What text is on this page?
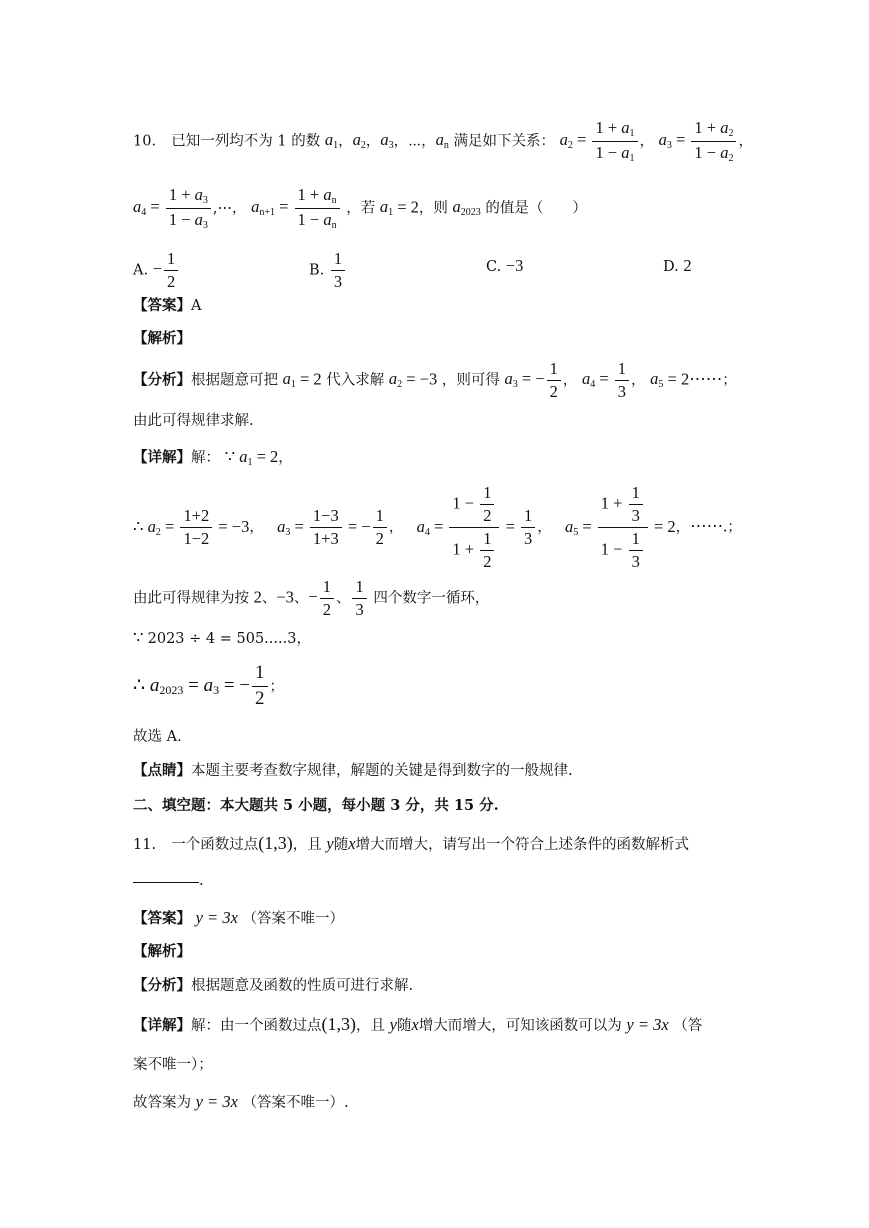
10. 已知一列均不为 1 的数 $a_1$，$a_2$，$a_3$，⋯，$a_n$ 满足如下关系： $a_2 = \frac{1 + a_1}{1 - a_1}$ ， $a_3 = \frac{1 + a_2}{1 - a_2}$ ，
$a_4 = \frac{1 + a_3}{1 - a_3}$ ,⋯， $a_{n+1} = \frac{1 + a_n}{1 - a_n}$ ，若 $a_1 = 2$，则 $a_{2023}$ 的值是（　　）
A. − $\frac{1}{2}$	B. $\frac{1}{3}$	C. −3	D. 2
【答案】A
【解析】
【分析】根据题意可把 $a_1 = 2$ 代入求解 $a_2 = -3$ ，则可得 $a_3$ = − $\frac{1}{2}$ ， $a_4 = \frac{1}{3}$ ， $a_5$ = 2⋯⋯；
由此可得规律求解.
【详解】解： ∵ $a_1 = 2$，
∴ $a_2 = \frac{1+2}{1-2} = -3$，  $a_3 = \frac{1-3}{1+3}$ = − $\frac{1}{2}$ ，  $a_4 = \frac{1 - \frac{1}{2}}{1 + \frac{1}{2}} = \frac{1}{3}$ ，  $a_5 = \frac{1 + \frac{1}{3}}{1 - \frac{1}{3}} = 2$，⋯⋯.；
由此可得规律为按 2、−3、− $\frac{1}{2}$ 、 $\frac{1}{3}$ 四个数字一循环，
∵ 2023 ÷ 4 = 505.....3，
∴ $a_{2023} = a_3$ = − $\frac{1}{2}$ ；
故选 A.
【点睛】本题主要考查数字规律，解题的关键是得到数字的一般规律.
二、填空题：本大题共 5 小题，每小题 3 分，共 15 分.
11. 一个函数过点(1,3)，且 y随x增大而增大，请写出一个符合上述条件的函数解析式
.
【答案】 y = 3x （答案不唯一）
【解析】
【分析】根据题意及函数的性质可进行求解.
【详解】解：由一个函数过点(1,3)，且 y随x增大而增大，可知该函数可以为 y = 3x （答
案不唯一）；
故答案为 y = 3x （答案不唯一）.
